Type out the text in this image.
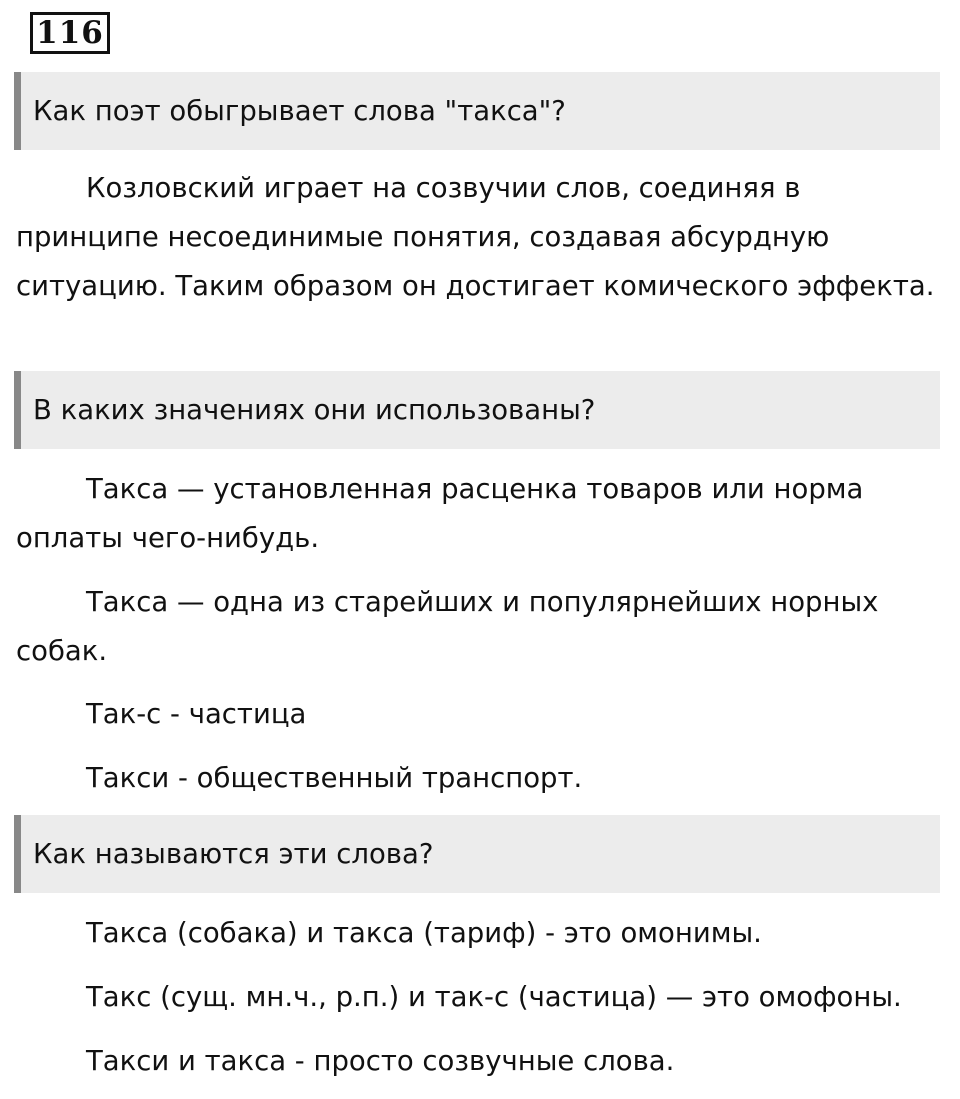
116
Как поэт обыгрывает слова "такса"?

Козловский играет на созвучии слов, соединяя в принципе несоединимые понятия, создавая абсурдную ситуацию. Таким образом он достигает комического эффекта.

В каких значениях они использованы?

Такса — установленная расценка товаров или норма оплаты чего-нибудь.

Такса — одна из старейших и популярнейших норных собак.

Так-с - частица

Такси - общественный транспорт.

Как называются эти слова?

Такса (собака) и такса (тариф) - это омонимы.

Такс (сущ. мн.ч., р.п.) и так-с (частица) — это омофоны.

Такси и такса - просто созвучные слова.
